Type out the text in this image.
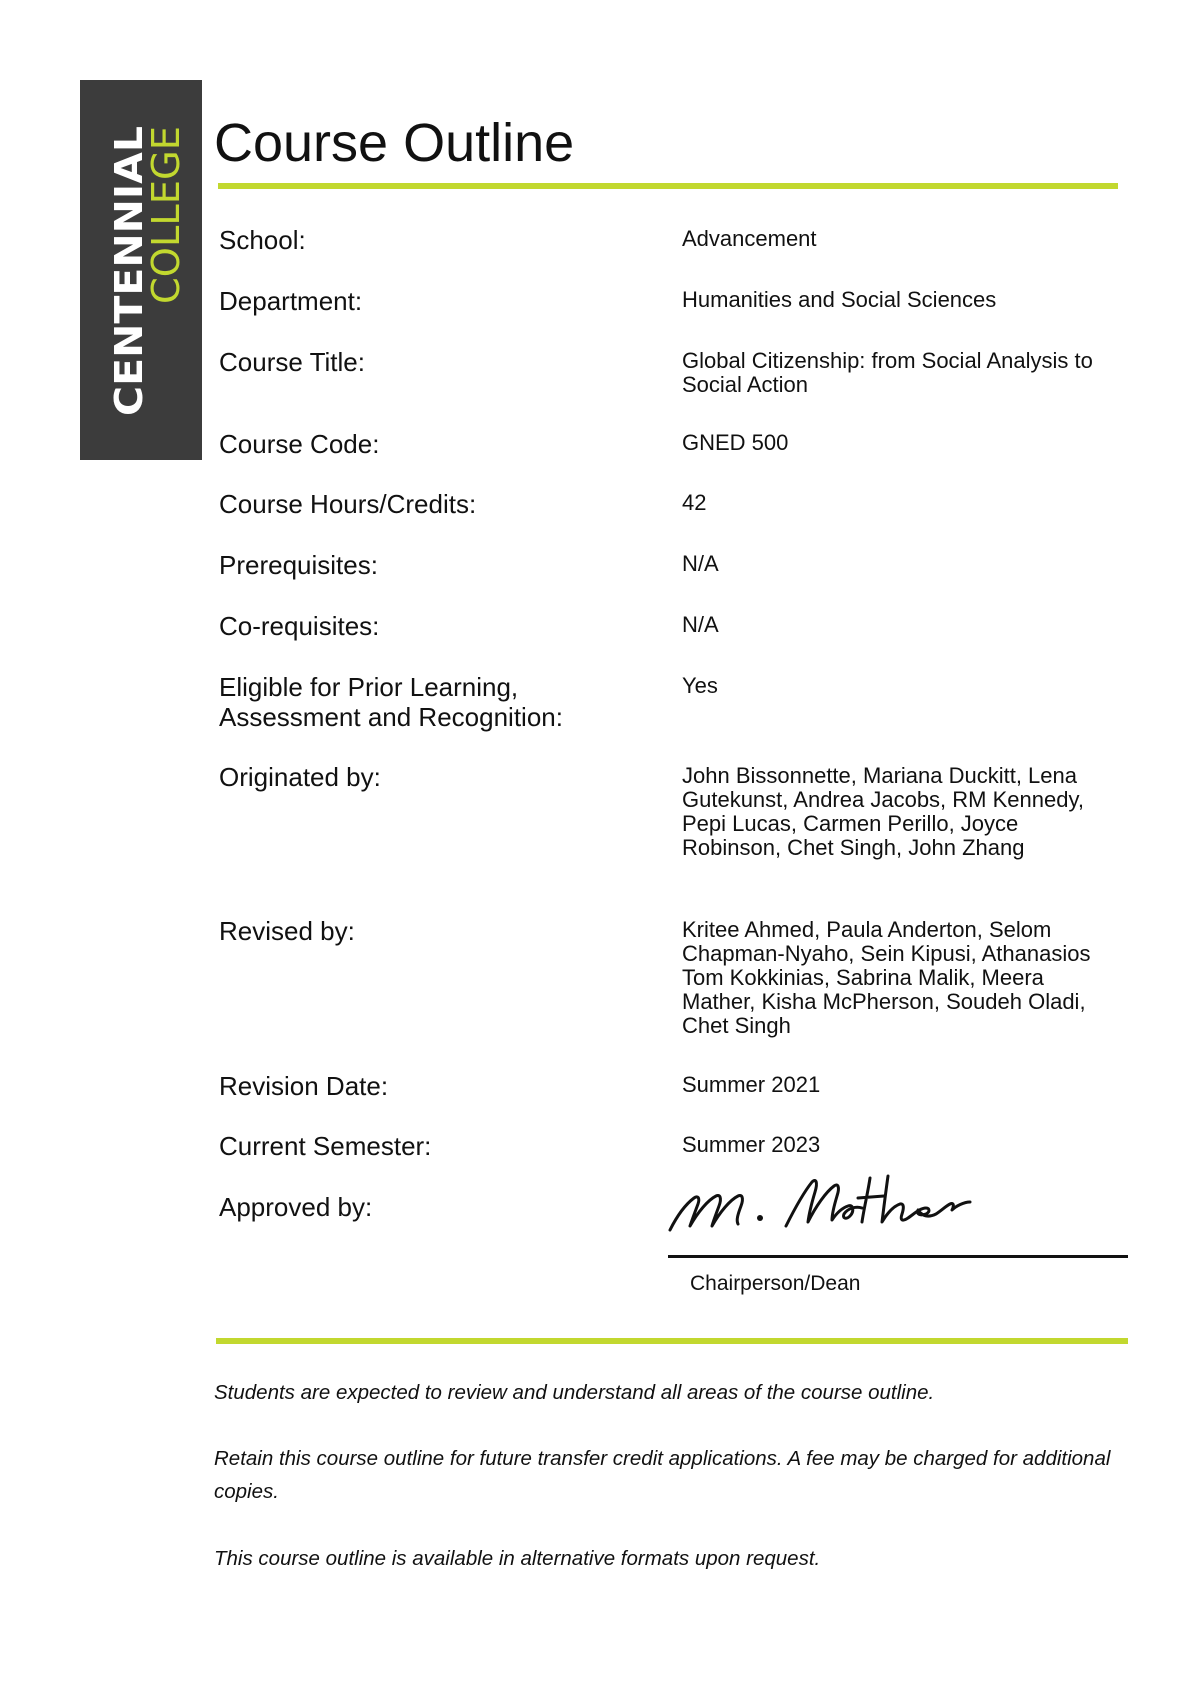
CENTENNIAL
COLLEGE Course Outline
School:
Department:
Course Title:
Course Code:
Course Hours/Credits:
Prerequisites:
Co-requisites:
Eligible for Prior Learning, Assessment and Recognition:
Originated by:
Revised by:
Revision Date:
Current Semester:
Approved by:
Advancement
Humanities and Social Sciences
Global Citizenship: from Social Analysis to Social Action
GNED 500
42
N/A
N/A
Yes
John Bissonnette, Mariana Duckitt, Lena Gutekunst, Andrea Jacobs, RM Kennedy, Pepi Lucas, Carmen Perillo, Joyce Robinson, Chet Singh, John Zhang
Kritee Ahmed, Paula Anderton, Selom Chapman-Nyaho, Sein Kipusi, Athanasios Tom Kokkinias, Sabrina Malik, Meera Mather, Kisha McPherson, Soudeh Oladi, Chet Singh
Summer 2021
Summer 2023
Chairperson/Dean

Students are expected to review and understand all areas of the course outline.

Retain this course outline for future transfer credit applications. A fee may be charged for additional copies.

This course outline is available in alternative formats upon request.
